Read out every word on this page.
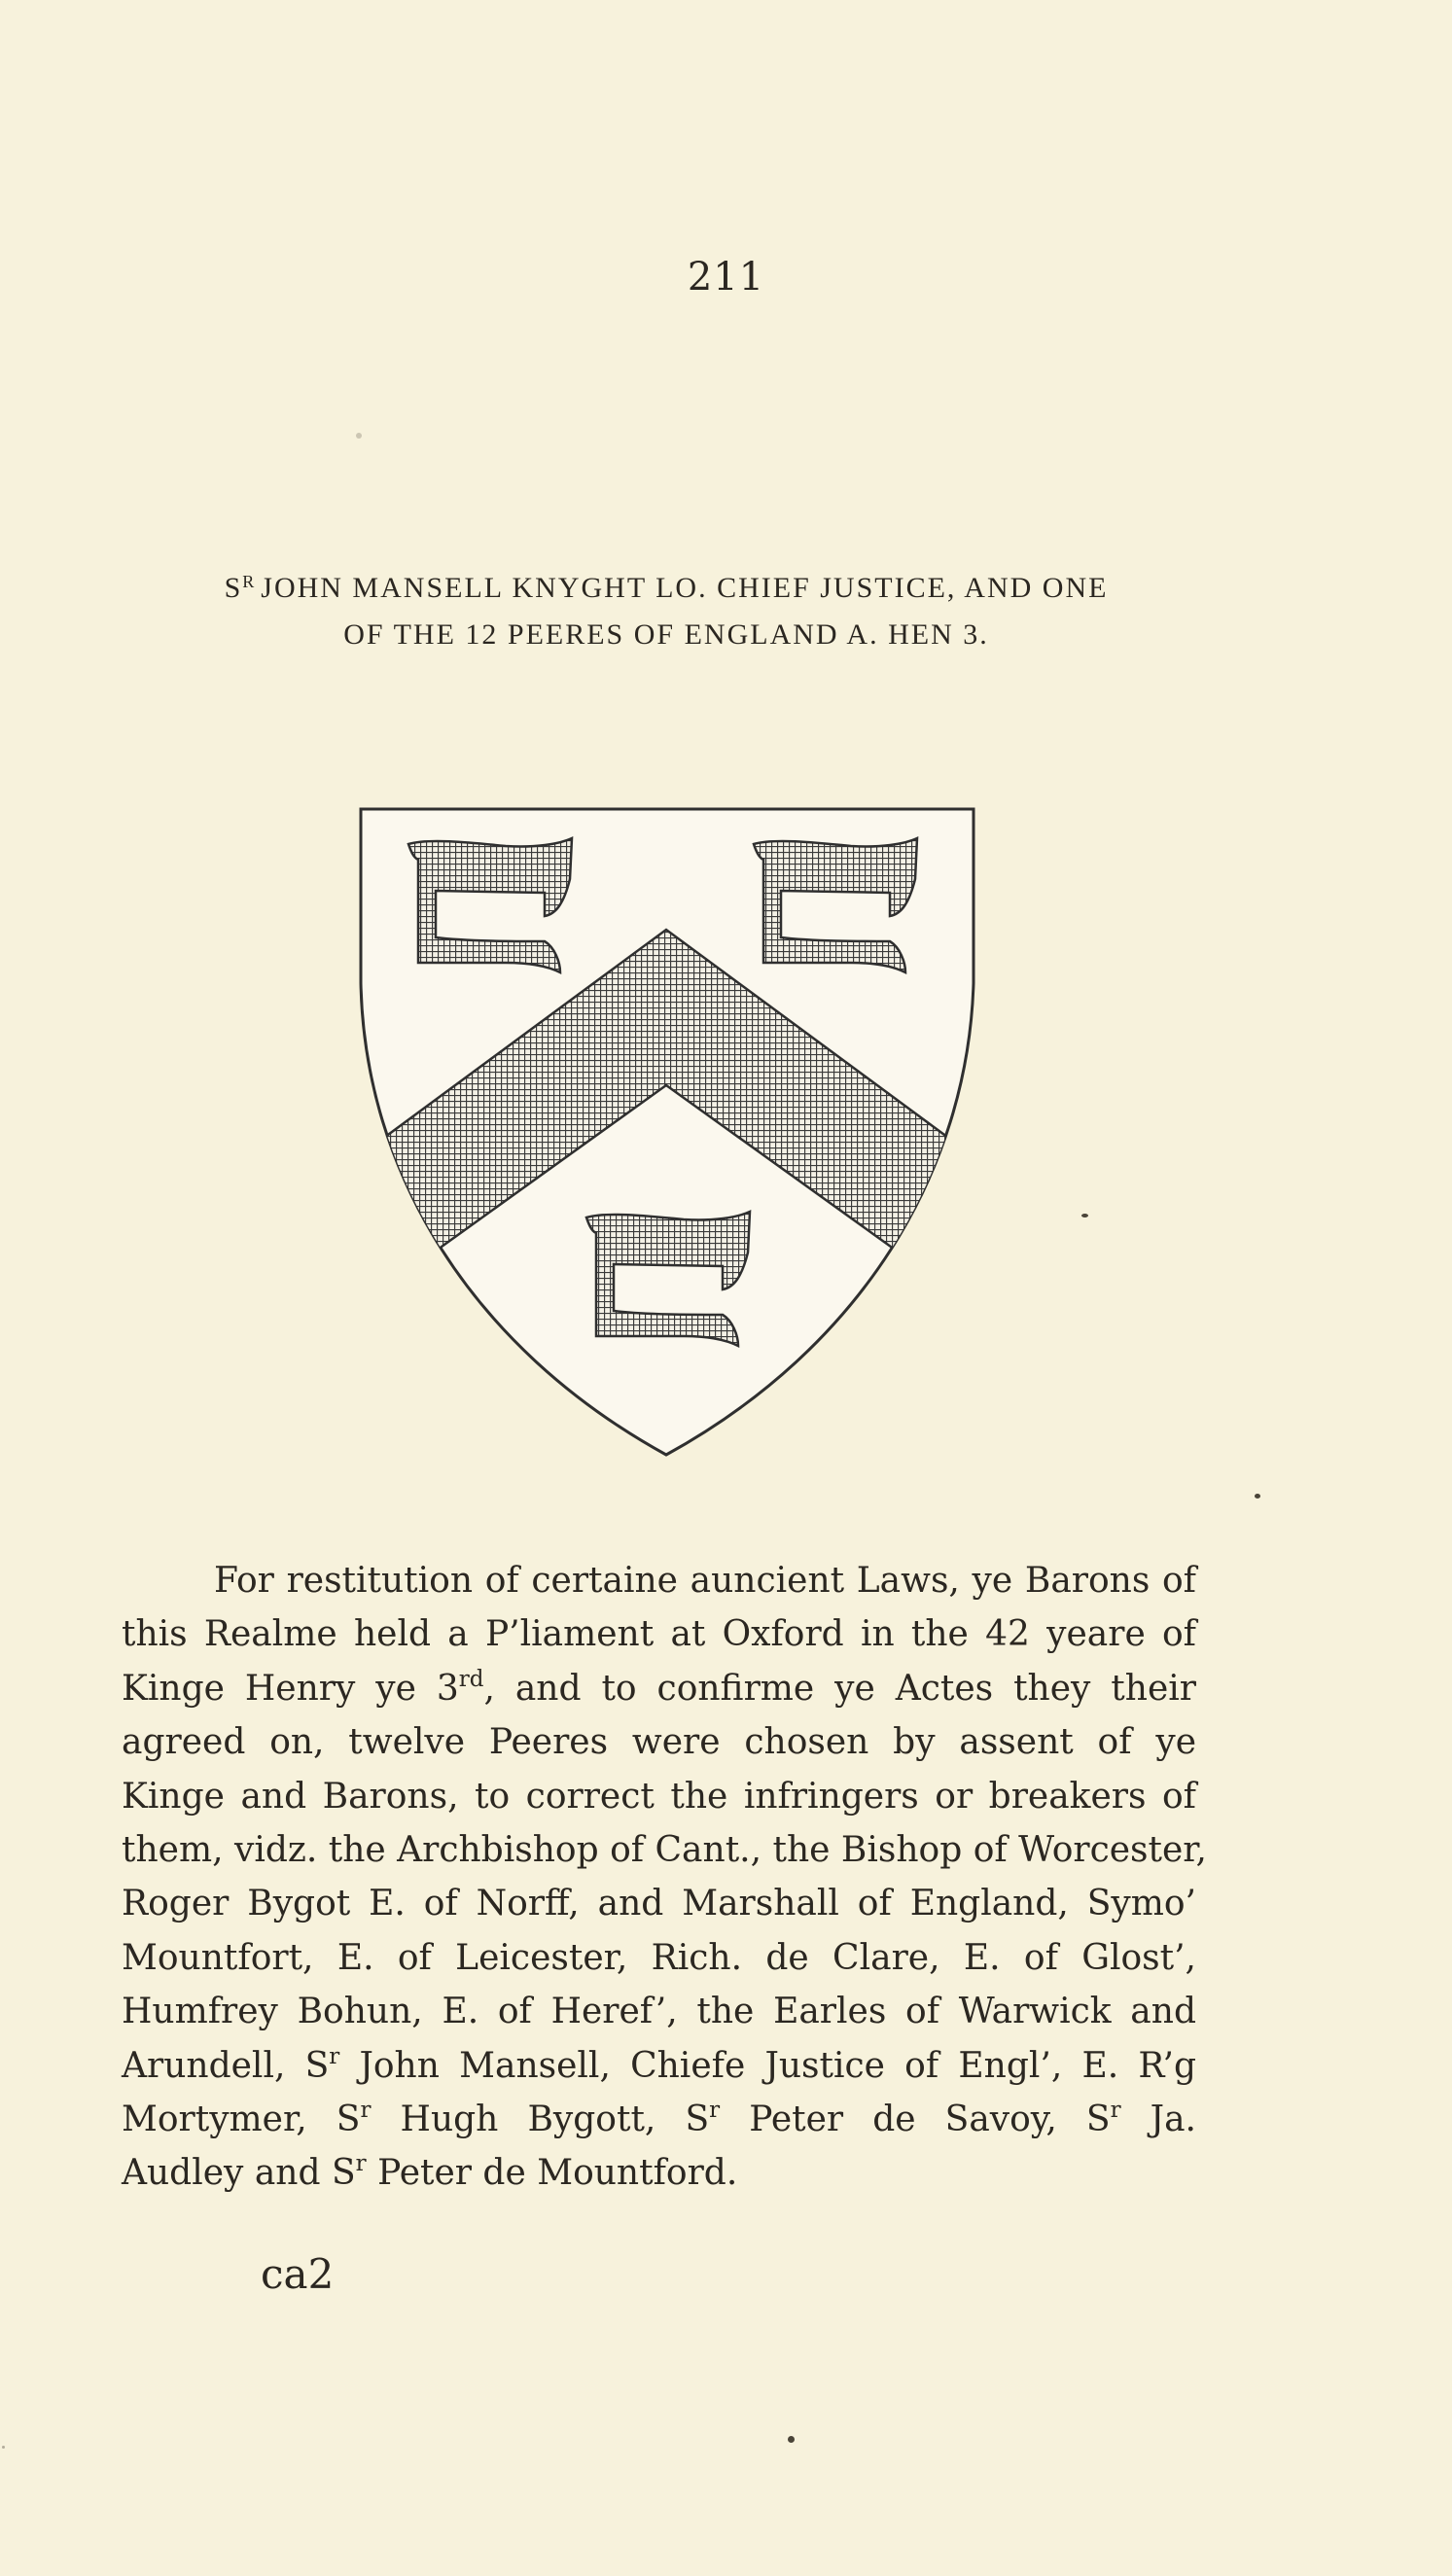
211
$S^R$ JOHN MANSELL KNYGHT LO. CHIEF JUSTICE, AND ONE
OF THE 12 PEERES OF ENGLAND A. HEN 3.
For restitution of certaine auncient Laws, ye Barons of
this Realme held a P’liament at Oxford in the 42 yeare of
Kinge Henry ye 3rd, and to confirme ye Actes they their
agreed on, twelve Peeres were chosen by assent of ye
Kinge and Barons, to correct the infringers or breakers of
them, vidz. the Archbishop of Cant., the Bishop of Worcester,
Roger Bygot E. of Norff, and Marshall of England, Symo’
Mountfort, E. of Leicester, Rich. de Clare, E. of Glost’,
Humfrey Bohun, E. of Heref’, the Earles of Warwick and
Arundell, $S^r$ John Mansell, Chiefe Justice of Engl’, E. R’g
Mortymer, $S^r$ Hugh Bygott, $S^r$ Peter de Savoy, $S^r$ Ja.
Audley and $S^r$ Peter de Mountford.
ca2
